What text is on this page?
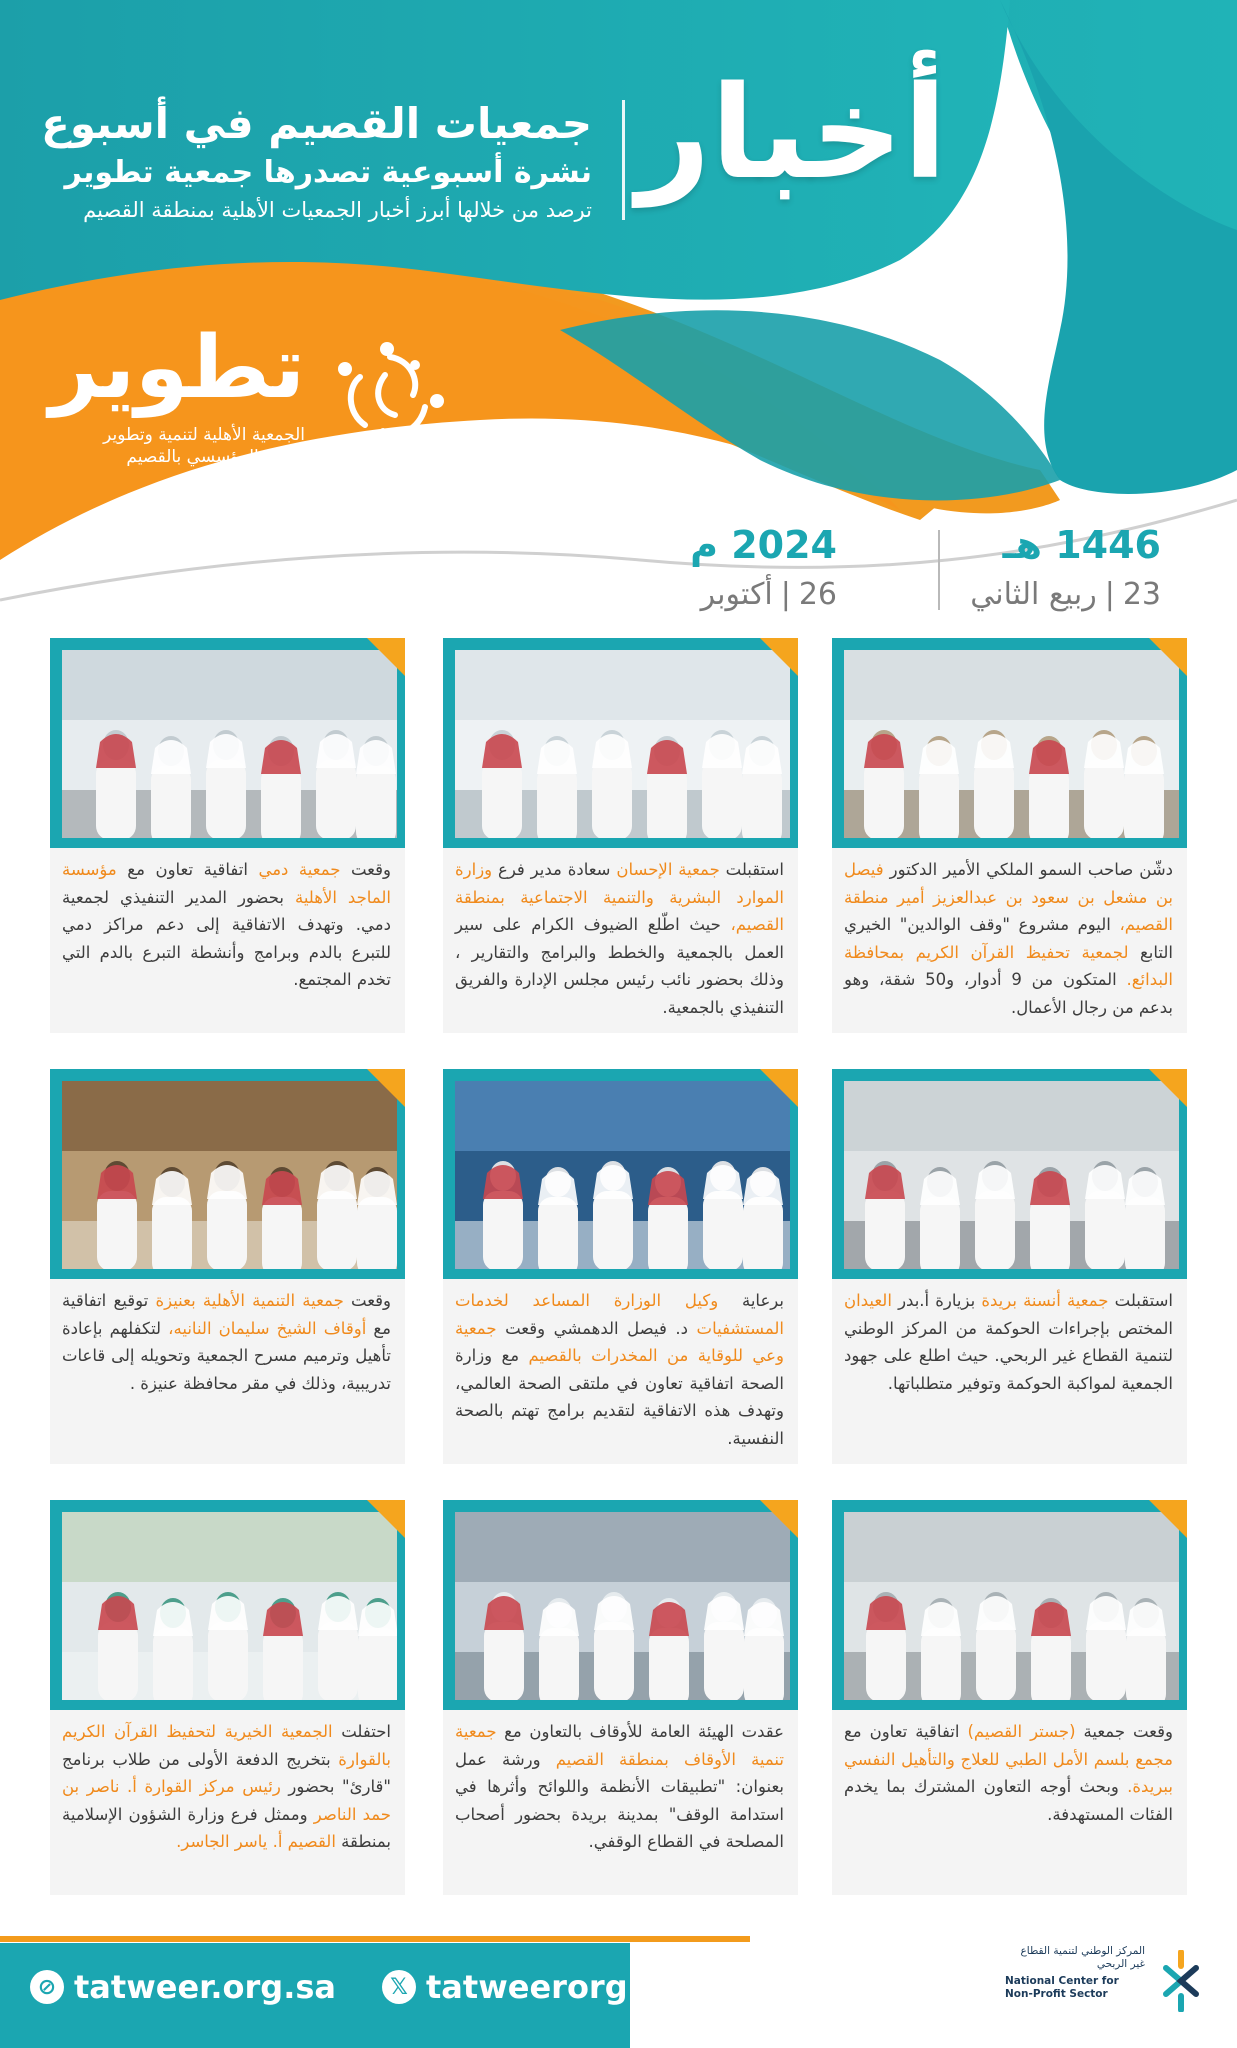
أخبار
جمعيات القصيم في أسبوع
نشرة أسبوعية تصدرها جمعية تطوير
ترصد من خلالها أبرز أخبار الجمعيات الأهلية بمنطقة القصيم
تطوير
الجمعية الأهلية لتنمية وتطوير
العمل المؤسسي بالقصيم
1446 هـ
23|ربيع الثاني
2024 م
26|أكتوبر
دشّن صاحب السمو الملكي الأمير الدكتور فيصل بن مشعل بن سعود بن عبدالعزيز أمير منطقة القصيم، اليوم مشروع "وقف الوالدين" الخيري التابع لجمعية تحفيظ القرآن الكريم بمحافظة البدائع. المتكون من 9 أدوار، و50 شقة، وهو بدعم من رجال الأعمال.
استقبلت جمعية الإحسان سعادة مدير فرع وزارة الموارد البشرية والتنمية الاجتماعية بمنطقة القصيم، حيث اطّلع الضيوف الكرام على سير العمل بالجمعية والخطط والبرامج والتقارير ، وذلك بحضور نائب رئيس مجلس الإدارة والفريق التنفيذي بالجمعية.
وقعت جمعية دمي اتفاقية تعاون مع مؤسسة الماجد الأهلية بحضور المدير التنفيذي لجمعية دمي. وتهدف الاتفاقية إلى دعم مراكز دمي للتبرع بالدم وبرامج وأنشطة التبرع بالدم التي تخدم المجتمع.
استقبلت جمعية أنسنة بريدة بزيارة أ.بدر العيدان المختص بإجراءات الحوكمة من المركز الوطني لتنمية القطاع غير الربحي. حيث اطلع على جهود الجمعية لمواكبة الحوكمة وتوفير متطلباتها.
برعاية وكيل الوزارة المساعد لخدمات المستشفيات د. فيصل الدهمشي وقعت جمعية وعي للوقاية من المخدرات بالقصيم مع وزارة الصحة اتفاقية تعاون في ملتقى الصحة العالمي، وتهدف هذه الاتفاقية لتقديم برامج تهتم بالصحة النفسية.
وقعت جمعية التنمية الأهلية بعنيزة توقيع اتفاقية مع أوقاف الشيخ سليمان النانيه، لتكفلهم بإعادة تأهيل وترميم مسرح الجمعية وتحويله إلى قاعات تدريبية، وذلك في مقر محافظة عنيزة .
وقعت جمعية (جستر القصيم) اتفاقية تعاون مع مجمع بلسم الأمل الطبي للعلاج والتأهيل النفسي ببريدة. وبحث أوجه التعاون المشترك بما يخدم الفئات المستهدفة.
عقدت الهيئة العامة للأوقاف بالتعاون مع جمعية تنمية الأوقاف بمنطقة القصيم ورشة عمل بعنوان: "تطبيقات الأنظمة واللوائح وأثرها في استدامة الوقف" بمدينة بريدة بحضور أصحاب المصلحة في القطاع الوقفي.
احتفلت الجمعية الخيرية لتحفيظ القرآن الكريم بالقوارة بتخريج الدفعة الأولى من طلاب برنامج "قارئ" بحضور رئيس مركز القوارة أ. ناصر بن حمد الناصر وممثل فرع وزارة الشؤون الإسلامية بمنطقة القصيم أ. ياسر الجاسر.
⊘ tatweer.org.sa	𝕏 tatweerorg
المركز الوطني لتنمية القطاع غير الربحي
National Center for Non-Profit Sector
